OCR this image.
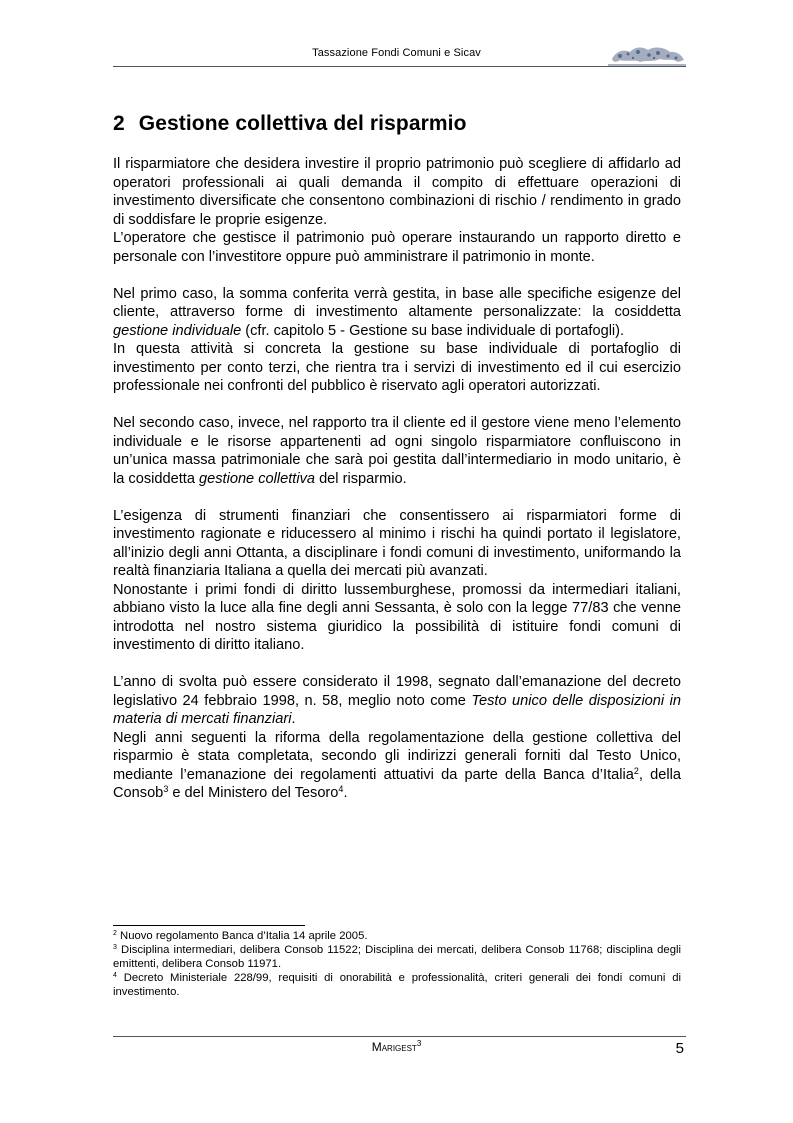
Tassazione Fondi Comuni e Sicav
2 Gestione collettiva del risparmio

Il risparmiatore che desidera investire il proprio patrimonio può scegliere di affidarlo ad operatori professionali ai quali demanda il compito di effettuare operazioni di investimento diversificate che consentono combinazioni di rischio / rendimento in grado di soddisfare le proprie esigenze.

L’operatore che gestisce il patrimonio può operare instaurando un rapporto diretto e personale con l’investitore oppure può amministrare il patrimonio in monte.

Nel primo caso, la somma conferita verrà gestita, in base alle specifiche esigenze del cliente, attraverso forme di investimento altamente personalizzate: la cosiddetta gestione individuale (cfr. capitolo 5 - Gestione su base individuale di portafogli).

In questa attività si concreta la gestione su base individuale di portafoglio di investimento per conto terzi, che rientra tra i servizi di investimento ed il cui esercizio professionale nei confronti del pubblico è riservato agli operatori autorizzati.

Nel secondo caso, invece, nel rapporto tra il cliente ed il gestore viene meno l’elemento individuale e le risorse appartenenti ad ogni singolo risparmiatore confluiscono in un’unica massa patrimoniale che sarà poi gestita dall’intermediario in modo unitario, è la cosiddetta gestione collettiva del risparmio.

L’esigenza di strumenti finanziari che consentissero ai risparmiatori forme di investimento ragionate e riducessero al minimo i rischi ha quindi portato il legislatore, all’inizio degli anni Ottanta, a disciplinare i fondi comuni di investimento, uniformando la realtà finanziaria Italiana a quella dei mercati più avanzati.

Nonostante i primi fondi di diritto lussemburghese, promossi da intermediari italiani, abbiano visto la luce alla fine degli anni Sessanta, è solo con la legge 77/83 che venne introdotta nel nostro sistema giuridico la possibilità di istituire fondi comuni di investimento di diritto italiano.

L’anno di svolta può essere considerato il 1998, segnato dall’emanazione del decreto legislativo 24 febbraio 1998, n. 58, meglio noto come Testo unico delle disposizioni in materia di mercati finanziari.

Negli anni seguenti la riforma della regolamentazione della gestione collettiva del risparmio è stata completata, secondo gli indirizzi generali forniti dal Testo Unico, mediante l’emanazione dei regolamenti attuativi da parte della Banca d’Italia$^2$, della Consob$^3$ e del Ministero del Tesoro$^4$.

$^2$ Nuovo regolamento Banca d’Italia 14 aprile 2005.

$^3$ Disciplina intermediari, delibera Consob 11522; Disciplina dei mercati, delibera Consob 11768; disciplina degli emittenti, delibera Consob 11971.

$^4$ Decreto Ministeriale 228/99, requisiti di onorabilità e professionalità, criteri generali dei fondi comuni di investimento.

Marigest$^3$	5
